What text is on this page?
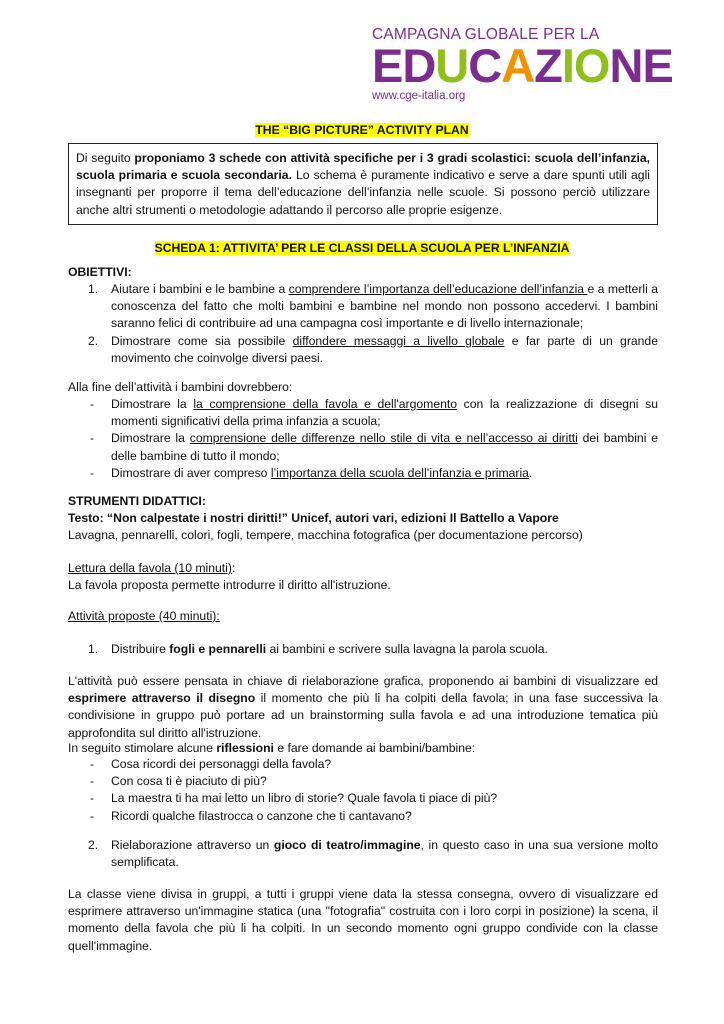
CAMPAGNA GLOBALE PER LA
EDUCAZIONE
www.cge-italia.org
THE “BIG PICTURE” ACTIVITY PLAN
Di seguito proponiamo 3 schede con attività specifiche per i 3 gradi scolastici: scuola dell’infanzia, scuola primaria e scuola secondaria. Lo schema è puramente indicativo e serve a dare spunti utili agli insegnanti per proporre il tema dell’educazione dell’infanzia nelle scuole. Si possono perciò utilizzare anche altri strumenti o metodologie adattando il percorso alle proprie esigenze.
SCHEDA 1: ATTIVITA’ PER LE CLASSI DELLA SCUOLA PER L’INFANZIA
OBIETTIVI:
1.	Aiutare i bambini e le bambine a comprendere l’importanza dell’educazione dell’infanzia e a metterli a conoscenza del fatto che molti bambini e bambine nel mondo non possono accedervi. I bambini saranno felici di contribuire ad una campagna così importante e di livello internazionale;
2.	Dimostrare come sia possibile diffondere messaggi a livello globale e far parte di un grande movimento che coinvolge diversi paesi.
Alla fine dell’attività i bambini dovrebbero:
-	Dimostrare la la comprensione della favola e dell'argomento con la realizzazione di disegni su momenti significativi della prima infanzia a scuola;
-	Dimostrare la comprensione delle differenze nello stile di vita e nell’accesso ai diritti dei bambini e delle bambine di tutto il mondo;
-	Dimostrare di aver compreso l’importanza della scuola dell’infanzia e primaria.
STRUMENTI DIDATTICI:
Testo: “Non calpestate i nostri diritti!” Unicef, autori vari, edizioni Il Battello a Vapore
Lavagna, pennarelli, colori, fogli, tempere, macchina fotografica (per documentazione percorso)
Lettura della favola (10 minuti):
La favola proposta permette introdurre il diritto all'istruzione.
Attività proposte (40 minuti):
1.	Distribuire fogli e pennarelli ai bambini e scrivere sulla lavagna la parola scuola.
L'attività può essere pensata in chiave di rielaborazione grafica, proponendo ai bambini di visualizzare ed esprimere attraverso il disegno il momento che più li ha colpiti della favola; in una fase successiva la condivisione in gruppo può portare ad un brainstorming sulla favola e ad una introduzione tematica più approfondita sul diritto all'istruzione.
In seguito stimolare alcune riflessioni e fare domande ai bambini/bambine:
-	Cosa ricordi dei personaggi della favola?
-	Con cosa ti è piaciuto di più?
-	La maestra ti ha mai letto un libro di storie? Quale favola ti piace di più?
-	Ricordi qualche filastrocca o canzone che ti cantavano?
2.	Rielaborazione attraverso un gioco di teatro/immagine, in questo caso in una sua versione molto semplificata.
La classe viene divisa in gruppi, a tutti i gruppi viene data la stessa consegna, ovvero di visualizzare ed esprimere attraverso un'immagine statica (una "fotografia" costruita con i loro corpi in posizione) la scena, il momento della favola che più li ha colpiti. In un secondo momento ogni gruppo condivide con la classe quell'immagine.
